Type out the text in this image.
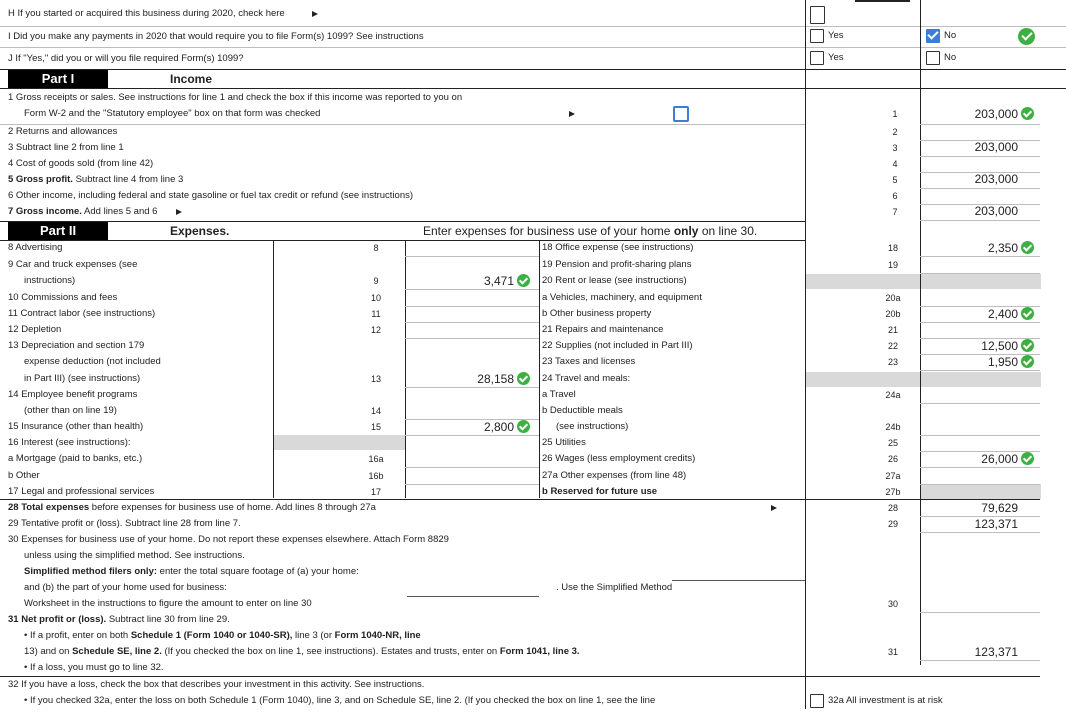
H If you started or acquired this business during 2020, check here
I Did you make any payments in 2020 that would require you to file Form(s) 1099? See instructions	Yes	No
J If "Yes," did you or will you file required Form(s) 1099?	Yes	No
Part I	Income
1 Gross receipts or sales. See instructions for line 1 and check the box if this income was reported to you on
Form W-2 and the "Statutory employee" box on that form was checked	1	203,000
2 Returns and allowances	2
3 Subtract line 2 from line 1	3	203,000
4 Cost of goods sold (from line 42)	4
5 Gross profit. Subtract line 4 from line 3	5	203,000
6 Other income, including federal and state gasoline or fuel tax credit or refund (see instructions)	6
7 Gross income. Add lines 5 and 6	7	203,000
Part II	Expenses.	Enter expenses for business use of your home only on line 30.
8 Advertising	8
9 Car and truck expenses (see
instructions)	9	3,471
10 Commissions and fees	10
11 Contract labor (see instructions)	11
12 Depletion	12
13 Depreciation and section 179
expense deduction (not included
in Part III) (see instructions)	13	28,158
14 Employee benefit programs
(other than on line 19)	14
15 Insurance (other than health)	15	2,800
16 Interest (see instructions):
a Mortgage (paid to banks, etc.)	16a
b Other	16b
17 Legal and professional services	17
18 Office expense (see instructions)	18	2,350
19 Pension and profit-sharing plans	19
20 Rent or lease (see instructions)
a Vehicles, machinery, and equipment	20a
b Other business property	20b	2,400
21 Repairs and maintenance	21
22 Supplies (not included in Part III)	22	12,500
23 Taxes and licenses	23	1,950
24 Travel and meals:
a Travel	24a
b Deductible meals
(see instructions)	24b
25 Utilities	25
26 Wages (less employment credits)	26	26,000
27a Other expenses (from line 48)	27a
b Reserved for future use	27b
28 Total expenses before expenses for business use of home. Add lines 8 through 27a	28	79,629
29 Tentative profit or (loss). Subtract line 28 from line 7.	29	123,371
30 Expenses for business use of your home. Do not report these expenses elsewhere. Attach Form 8829
unless using the simplified method. See instructions.
Simplified method filers only: enter the total square footage of (a) your home:
and (b) the part of your home used for business:	. Use the Simplified Method
Worksheet in the instructions to figure the amount to enter on line 30	30
31 Net profit or (loss). Subtract line 30 from line 29.
• If a profit, enter on both Schedule 1 (Form 1040 or 1040-SR), line 3 (or Form 1040-NR, line
13) and on Schedule SE, line 2. (If you checked the box on line 1, see instructions). Estates and trusts, enter on Form 1041, line 3.	31	123,371
• If a loss, you must go to line 32.
32 If you have a loss, check the box that describes your investment in this activity. See instructions.
• If you checked 32a, enter the loss on both Schedule 1 (Form 1040), line 3, and on Schedule SE, line 2. (If you checked the box on line 1, see the line	32a All investment is at risk
